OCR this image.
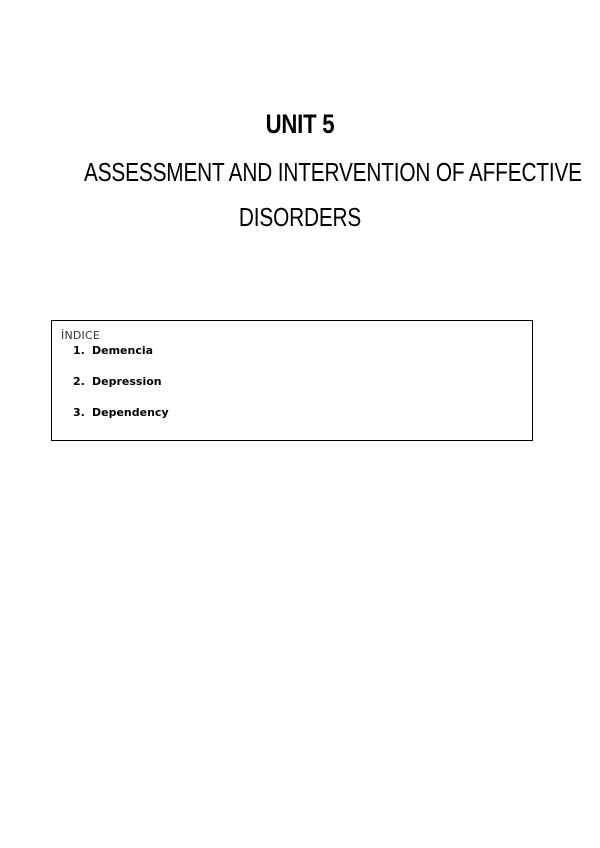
UNIT 5
ASSESSMENT AND INTERVENTION OF AFFECTIVE
DISORDERS
ÍNDICE
1. Demencia
2. Depression
3. Dependency
